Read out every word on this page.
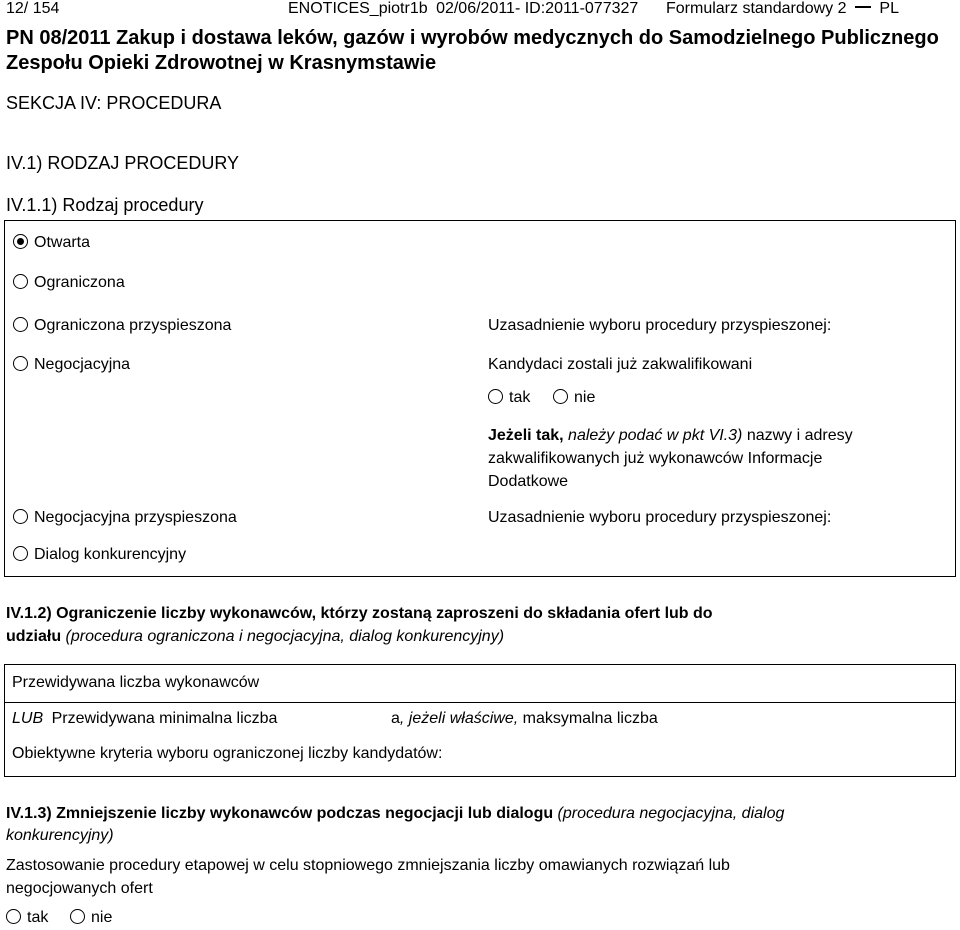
12/ 154	ENOTICES_piotr1b 02/06/2011- ID:2011-077327 Formularz standardowy 2 PL
PN 08/2011 Zakup i dostawa leków, gazów i wyrobów medycznych do Samodzielnego Publicznego Zespołu Opieki Zdrowotnej w Krasnymstawie
SEKCJA IV: PROCEDURA
IV.1) RODZAJ PROCEDURY
IV.1.1) Rodzaj procedury
Otwarta
Ograniczona
Ograniczona przyspieszona	Uzasadnienie wyboru procedury przyspieszonej:
Negocjacyjna	Kandydaci zostali już zakwalifikowani
tak	nie
Jeżeli tak, należy podać w pkt VI.3) nazwy i adresy
zakwalifikowanych już wykonawców Informacje
Dodatkowe
Negocjacyjna przyspieszona	Uzasadnienie wyboru procedury przyspieszonej:
Dialog konkurencyjny
IV.1.2) Ograniczenie liczby wykonawców, którzy zostaną zaproszeni do składania ofert lub do
udziału (procedura ograniczona i negocjacyjna, dialog konkurencyjny)
Przewidywana liczba wykonawców
LUB Przewidywana minimalna liczba	a, jeżeli właściwe, maksymalna liczba
Obiektywne kryteria wyboru ograniczonej liczby kandydatów:
IV.1.3) Zmniejszenie liczby wykonawców podczas negocjacji lub dialogu (procedura negocjacyjna, dialog
konkurencyjny)
Zastosowanie procedury etapowej w celu stopniowego zmniejszania liczby omawianych rozwiązań lub
negocjowanych ofert
tak	nie
